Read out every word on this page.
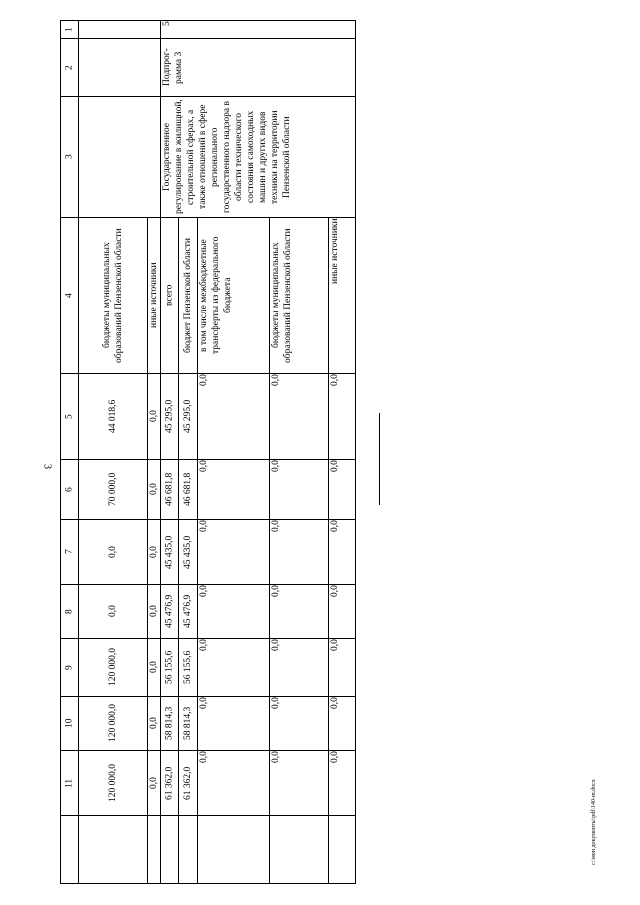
3
с:\мои документы\pdf\140-m.docx
1
2
3
4
5
6
7
8
9
10
11
бюджеты муниципальных образований Пензенской области
44 018,6
70 000,0
0,0
0,0
120 000,0
120 000,0
120 000,0
иные источники
0,0
0,0
0,0
0,0
0,0
0,0
0,0
5
Подпрог-рамма 3
Государственное регулирование в жилищной, строительной сферах, а также отношений в сфере регионального государственного надзора в области технического состояния самоходных машин и других видов техники на территории Пензенской области
всего
45 295,0
46 681,8
45 435,0
45 476,9
56 155,6
58 814,3
61 362,0
бюджет Пензенской области
45 295,0
46 681,8
45 435,0
45 476,9
56 155,6
58 814,3
61 362,0
в том числе межбюджетные трансферты из федерального бюджета
0,0
0,0
0,0
0,0
0,0
0,0
0,0
бюджеты муниципальных образований Пензенской области
0,0
0,0
0,0
0,0
0,0
0,0
0,0
иные источники
0,0
0,0
0,0
0,0
0,0
0,0
0,0
